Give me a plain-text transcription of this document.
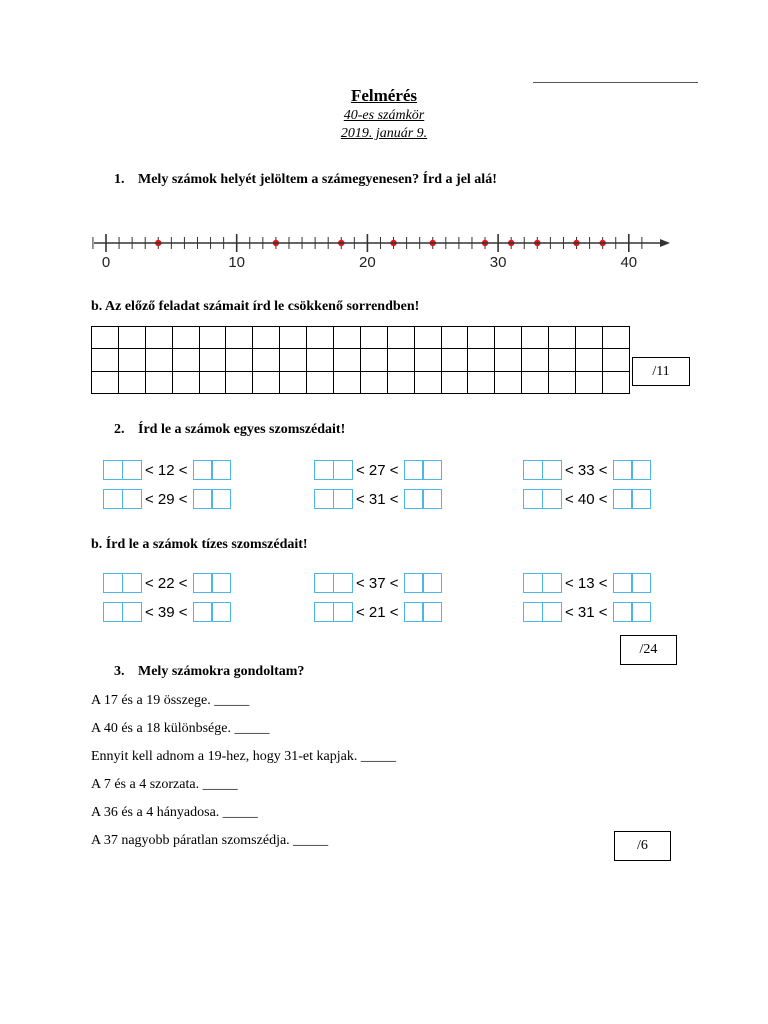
Felmérés
40-es számkör
2019. január 9.
1. Mely számok helyét jelöltem a számegyenesen? Írd a jel alá!
0	10	20	30	40
b. Az előző feladat számait írd le csökkenő sorrendben!

/11
2. Írd le a számok egyes szomszédait!
< 12 <	< 27 <	< 33 <
< 29 <	< 31 <	< 40 <
b. Írd le a számok tízes szomszédait!
< 22 <	< 37 <	< 13 <
< 39 <	< 21 <	< 31 <
/24
3. Mely számokra gondoltam?
A 17 és a 19 összege. _____
A 40 és a 18 különbsége. _____
Ennyit kell adnom a 19-hez, hogy 31-et kapjak. _____
A 7 és a 4 szorzata. _____
A 36 és a 4 hányadosa. _____
A 37 nagyobb páratlan szomszédja. _____	/6
